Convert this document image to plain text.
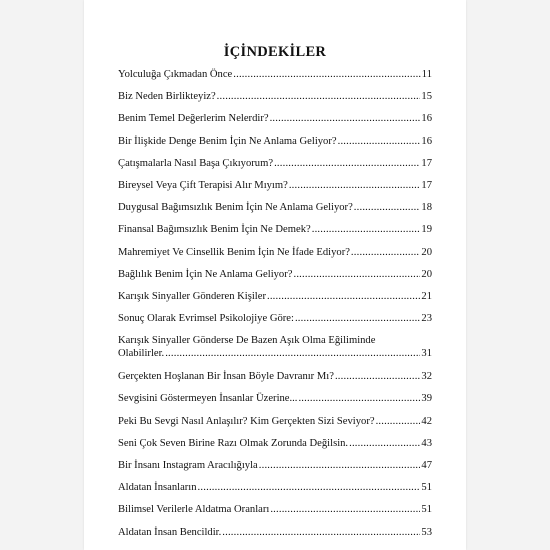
İÇİNDEKİLER
Yolculuğa Çıkmadan Önce .....	11
Biz Neden Birlikteyiz? .....	15
Benim Temel Değerlerim Nelerdir? .....	16
Bir İlişkide Denge Benim İçin Ne Anlama Geliyor? .....	16
Çatışmalarla Nasıl Başa Çıkıyorum? .....	17
Bireysel Veya Çift Terapisi Alır Mıyım? .....	17
Duygusal Bağımsızlık Benim İçin Ne Anlama Geliyor? .....	18
Finansal Bağımsızlık Benim İçin Ne Demek? .....	19
Mahremiyet Ve Cinsellik Benim İçin Ne İfade Ediyor? .....	20
Bağlılık Benim İçin Ne Anlama Geliyor? .....	20
Karışık Sinyaller Gönderen Kişiler .....	21
Sonuç Olarak Evrimsel Psikolojiye Göre: .....	23
Karışık Sinyaller Gönderse De Bazen Aşık Olma Eğiliminde
Olabilirler. .....	31
Gerçekten Hoşlanan Bir İnsan Böyle Davranır Mı? .....	32
Sevgisini Göstermeyen İnsanlar Üzerine... .....	39
Peki Bu Sevgi Nasıl Anlaşılır? Kim Gerçekten Sizi Seviyor? .....	42
Seni Çok Seven Birine Razı Olmak Zorunda Değilsin. .....	43
Bir İnsanı Instagram Aracılığıyla .....	47
Aldatan İnsanların .....	51
Bilimsel Verilerle Aldatma Oranları .....	51
Aldatan İnsan Bencildir. .....	53
